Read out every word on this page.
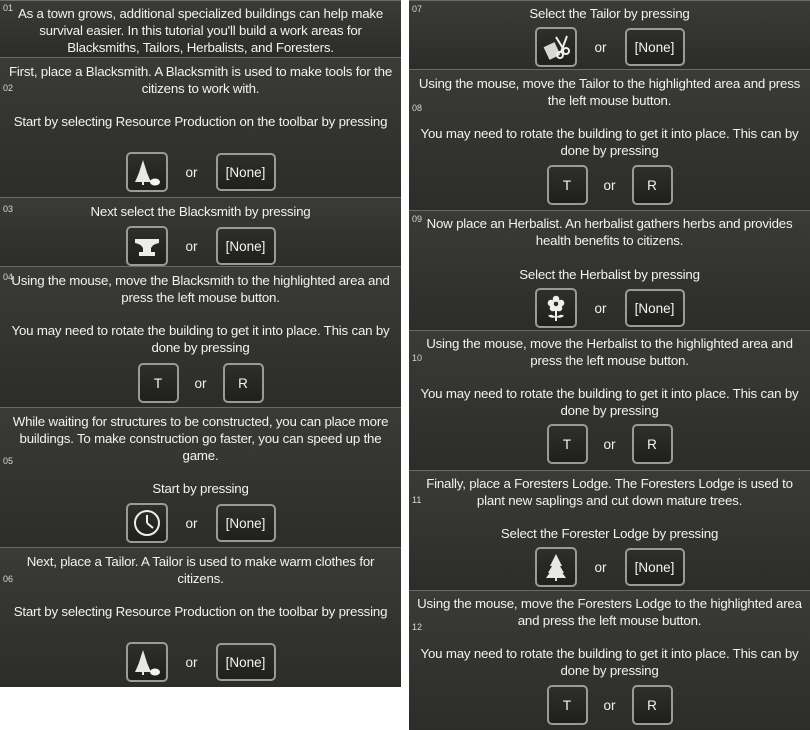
01 As a town grows, additional specialized buildings can help make survival easier. In this tutorial you'll build a work areas for Blacksmiths, Tailors, Herbalists, and Foresters.
02
First, place a Blacksmith. A Blacksmith is used to make tools for the citizens to work with.
Start by selecting Resource Production on the toolbar by pressing
or	[None]
03	Next select the Blacksmith by pressing
or	[None]
04
Using the mouse, move the Blacksmith to the highlighted area and press the left mouse button.
You may need to rotate the building to get it into place. This can by done by pressing
T	or	R
05
While waiting for structures to be constructed, you can place more buildings. To make construction go faster, you can speed up the game.
Start by pressing
or	[None]
06
Next, place a Tailor. A Tailor is used to make warm clothes for citizens.
Start by selecting Resource Production on the toolbar by pressing
or	[None]
07	Select the Tailor by pressing
or	[None]
08
Using the mouse, move the Tailor to the highlighted area and press the left mouse button.
You may need to rotate the building to get it into place. This can by done by pressing
T	or	R
09 Now place an Herbalist. An herbalist gathers herbs and provides health benefits to citizens.
Select the Herbalist by pressing
or	[None]
10
Using the mouse, move the Herbalist to the highlighted area and press the left mouse button.
You may need to rotate the building to get it into place. This can by done by pressing
T	or	R
11
Finally, place a Foresters Lodge. The Foresters Lodge is used to plant new saplings and cut down mature trees.
Select the Forester Lodge by pressing
or	[None]
12
Using the mouse, move the Foresters Lodge to the highlighted area and press the left mouse button.
You may need to rotate the building to get it into place. This can by done by pressing
T	or	R
